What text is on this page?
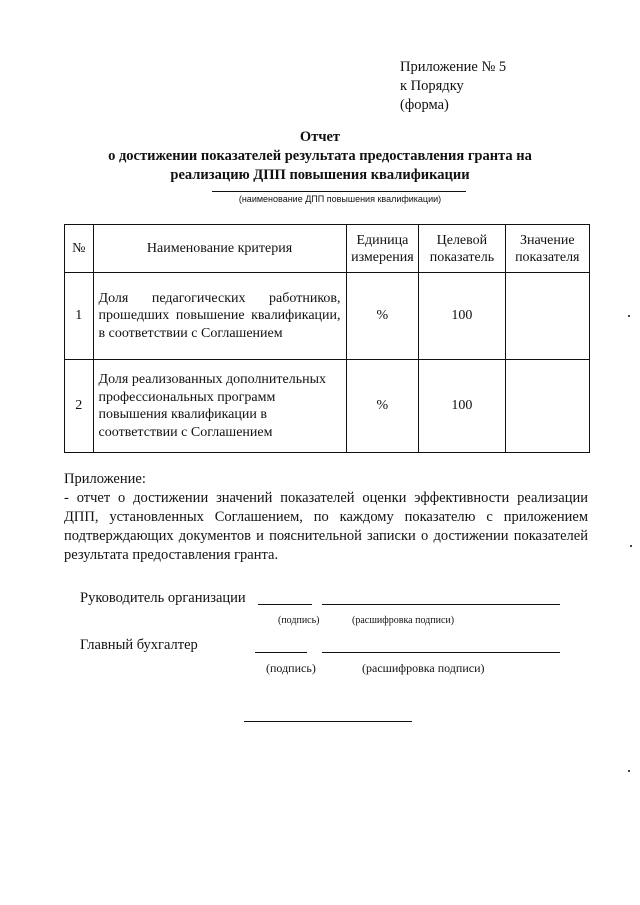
Приложение № 5
к Порядку
(форма)
Отчет
о достижении показателей результата предоставления гранта на
реализацию ДПП повышения квалификации
(наименование ДПП повышения квалификации)
№	Наименование критерия	Единица измерения	Целевой показатель	Значение показателя
1	Доля педагогических работников, прошедших повышение квалификации, в соответствии с Соглашением	%	100	
2	Доля реализованных дополнительных профессиональных программ повышения квалификации в соответствии с Соглашением	%	100	
Приложение:
- отчет о достижении значений показателей оценки эффективности реализации ДПП, установленных Соглашением, по каждому показателю с приложением подтверждающих документов и пояснительной записки о достижении показателей результата предоставления гранта.
Руководитель организации
(подпись)	(расшифровка подписи)
Главный бухгалтер
(подпись)	(расшифровка подписи)
